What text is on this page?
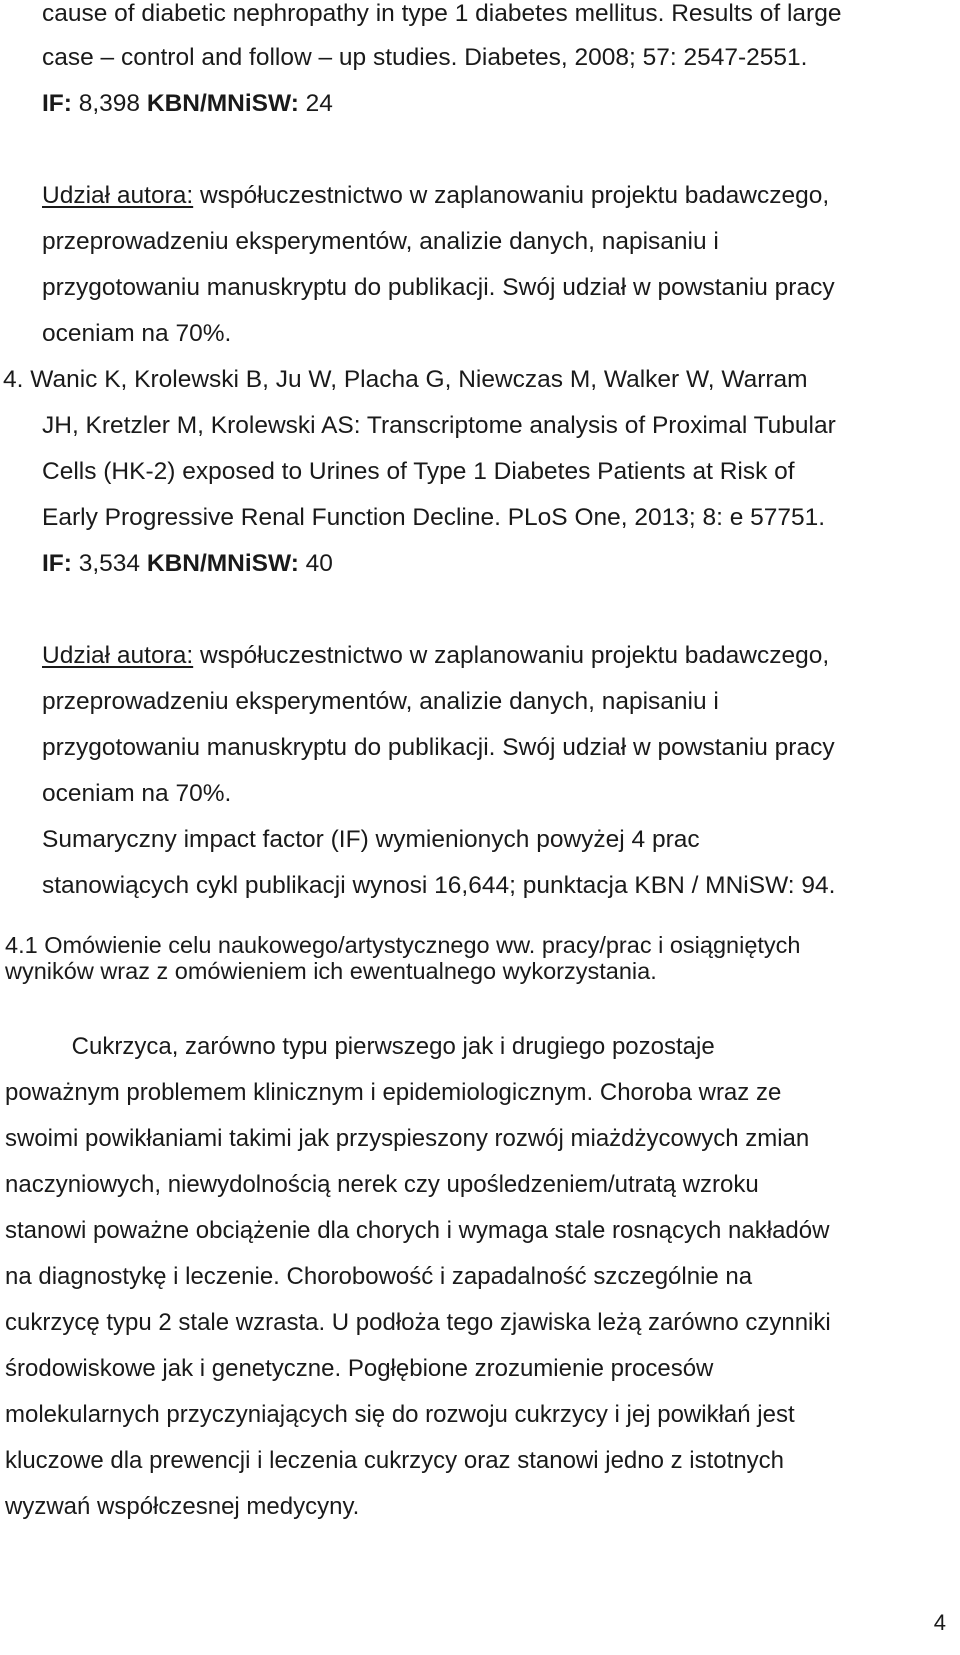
cause of diabetic nephropathy in type 1 diabetes mellitus. Results of large
case – control and follow – up studies. Diabetes, 2008; 57: 2547-2551.
IF: 8,398 KBN/MNiSW: 24
Udział autora: współuczestnictwo w zaplanowaniu projektu badawczego,
przeprowadzeniu eksperymentów, analizie danych, napisaniu i
przygotowaniu manuskryptu do publikacji. Swój udział w powstaniu pracy
oceniam na 70%.
4. Wanic K, Krolewski B, Ju W, Placha G, Niewczas M, Walker W, Warram
JH, Kretzler M, Krolewski AS: Transcriptome analysis of Proximal Tubular
Cells (HK-2) exposed to Urines of Type 1 Diabetes Patients at Risk of
Early Progressive Renal Function Decline. PLoS One, 2013; 8: e 57751.
IF: 3,534 KBN/MNiSW: 40
Udział autora: współuczestnictwo w zaplanowaniu projektu badawczego,
przeprowadzeniu eksperymentów, analizie danych, napisaniu i
przygotowaniu manuskryptu do publikacji. Swój udział w powstaniu pracy
oceniam na 70%.
Sumaryczny impact factor (IF) wymienionych powyżej 4 prac
stanowiących cykl publikacji wynosi 16,644; punktacja KBN / MNiSW: 94.
4.1 Omówienie celu naukowego/artystycznego ww. pracy/prac i osiągniętych
wyników wraz z omówieniem ich ewentualnego wykorzystania.
Cukrzyca, zarówno typu pierwszego jak i drugiego pozostaje
poważnym problemem klinicznym i epidemiologicznym. Choroba wraz ze
swoimi powikłaniami takimi jak przyspieszony rozwój miażdżycowych zmian
naczyniowych, niewydolnością nerek czy upośledzeniem/utratą wzroku
stanowi poważne obciążenie dla chorych i wymaga stale rosnących nakładów
na diagnostykę i leczenie. Chorobowość i zapadalność szczególnie na
cukrzycę typu 2 stale wzrasta. U podłoża tego zjawiska leżą zarówno czynniki
środowiskowe jak i genetyczne. Pogłębione zrozumienie procesów
molekularnych przyczyniających się do rozwoju cukrzycy i jej powikłań jest
kluczowe dla prewencji i leczenia cukrzycy oraz stanowi jedno z istotnych
wyzwań współczesnej medycyny.
4
